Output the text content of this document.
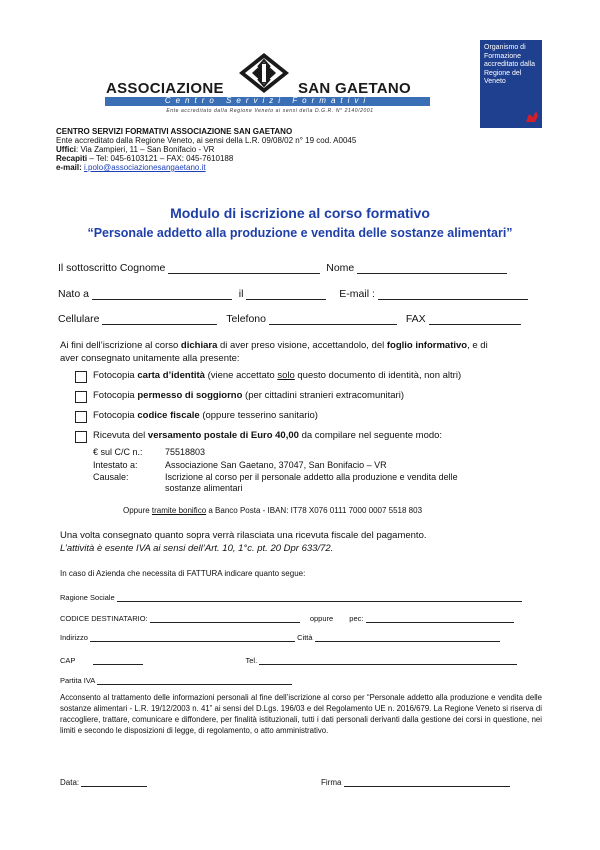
ASSOCIAZIONE	SAN GAETANO
Centro Servizi Formativi
Ente accreditato dalla Regione Veneto ai sensi della D.G.R. N° 2140/2001
Organismo di Formazione accreditato dalla Regione del Veneto
CENTRO SERVIZI FORMATIVI ASSOCIAZIONE SAN GAETANO
Ente accreditato dalla Regione Veneto, ai sensi della L.R. 09/08/02 n° 19 cod. A0045
Uffici: Via Zampieri, 11 – San Bonifacio - VR
Recapiti – Tel: 045-6103121 – FAX: 045-7610188
e-mail: i.polo@associazionesangaetano.it
Modulo di iscrizione al corso formativo
“Personale addetto alla produzione e vendita delle sostanze alimentari”
Il sottoscritto Cognome	Nome
Nato a	il	E-mail :
Cellulare	Telefono	FAX
Ai fini dell’iscrizione al corso dichiara di aver preso visione, accettandolo, del foglio informativo, e di
aver consegnato unitamente alla presente:
Fotocopia carta d’identità (viene accettato solo questo documento di identità, non altri)
Fotocopia permesso di soggiorno (per cittadini stranieri extracomunitari)
Fotocopia codice fiscale (oppure tesserino sanitario)
Ricevuta del versamento postale di Euro 40,00 da compilare nel seguente modo:
€ sul C/C n.: 75518803
Intestato a:	Associazione San Gaetano, 37047, San Bonifacio – VR
Causale:	Iscrizione al corso per il personale addetto alla produzione e vendita delle
sostanze alimentari
Oppure tramite bonifico a Banco Posta - IBAN: IT78 X076 0111 7000 0007 5518 803
Una volta consegnato quanto sopra verrà rilasciata una ricevuta fiscale del pagamento.
L’attività è esente IVA ai sensi dell’Art. 10, 1°c. pt. 20 Dpr 633/72.
In caso di Azienda che necessita di FATTURA indicare quanto segue:
Ragione Sociale
CODICE DESTINATARIO:	oppure pec:
Indirizzo	Città
CAP	Tel.
Partita IVA
Acconsento al trattamento delle informazioni personali al fine dell’iscrizione al corso per “Personale addetto alla produzione e vendita delle sostanze alimentari - L.R. 19/12/2003 n. 41” ai sensi del D.Lgs. 196/03 e del Regolamento UE n. 2016/679. La Regione Veneto si riserva di raccogliere, trattare, comunicare e diffondere, per finalità istituzionali, tutti i dati personali derivanti dalla gestione dei corsi in questione, nei limiti e secondo le disposizioni di legge, di regolamento, o atto amministrativo.
Data:	Firma
